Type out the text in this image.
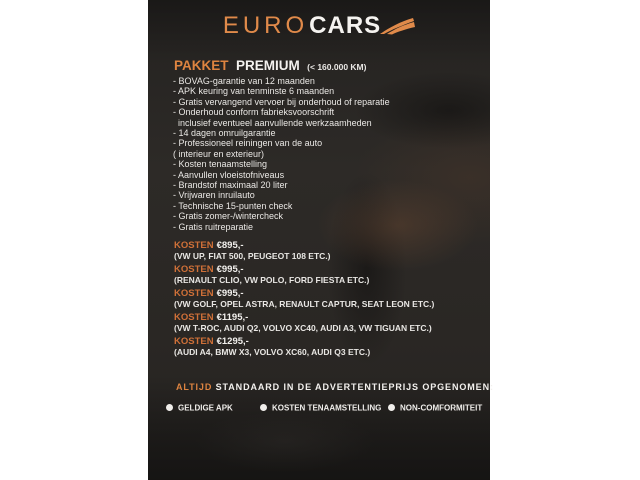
EUROCARS
PAKKET PREMIUM (< 160.000 KM)
- BOVAG-garantie van 12 maanden
- APK keuring van tenminste 6 maanden
- Gratis vervangend vervoer bij onderhoud of reparatie
- Onderhoud conform fabrieksvoorschrift
inclusief eventueel aanvullende werkzaamheden
- 14 dagen omruilgarantie
- Professioneel reiningen van de auto
( interieur en exterieur)
- Kosten tenaamstelling
- Aanvullen vloeistofniveaus
- Brandstof maximaal 20 liter
- Vrijwaren inruilauto
- Technische 15-punten check
- Gratis zomer-/wintercheck
- Gratis ruitreparatie
KOSTEN €895,-
(VW UP, FIAT 500, PEUGEOT 108 ETC.)
KOSTEN €995,-
(RENAULT CLIO, VW POLO, FORD FIESTA ETC.)
KOSTEN €995,-
(VW GOLF, OPEL ASTRA, RENAULT CAPTUR, SEAT LEON ETC.)
KOSTEN €1195,-
(VW T-ROC, AUDI Q2, VOLVO XC40, AUDI A3, VW TIGUAN ETC.)
KOSTEN €1295,-
(AUDI A4, BMW X3, VOLVO XC60, AUDI Q3 ETC.)
ALTIJD STANDAARD IN DE ADVERTENTIEPRIJS OPGENOMEN:
GELDIGE APK	KOSTEN TENAAMSTELLING	NON-COMFORMITEIT
